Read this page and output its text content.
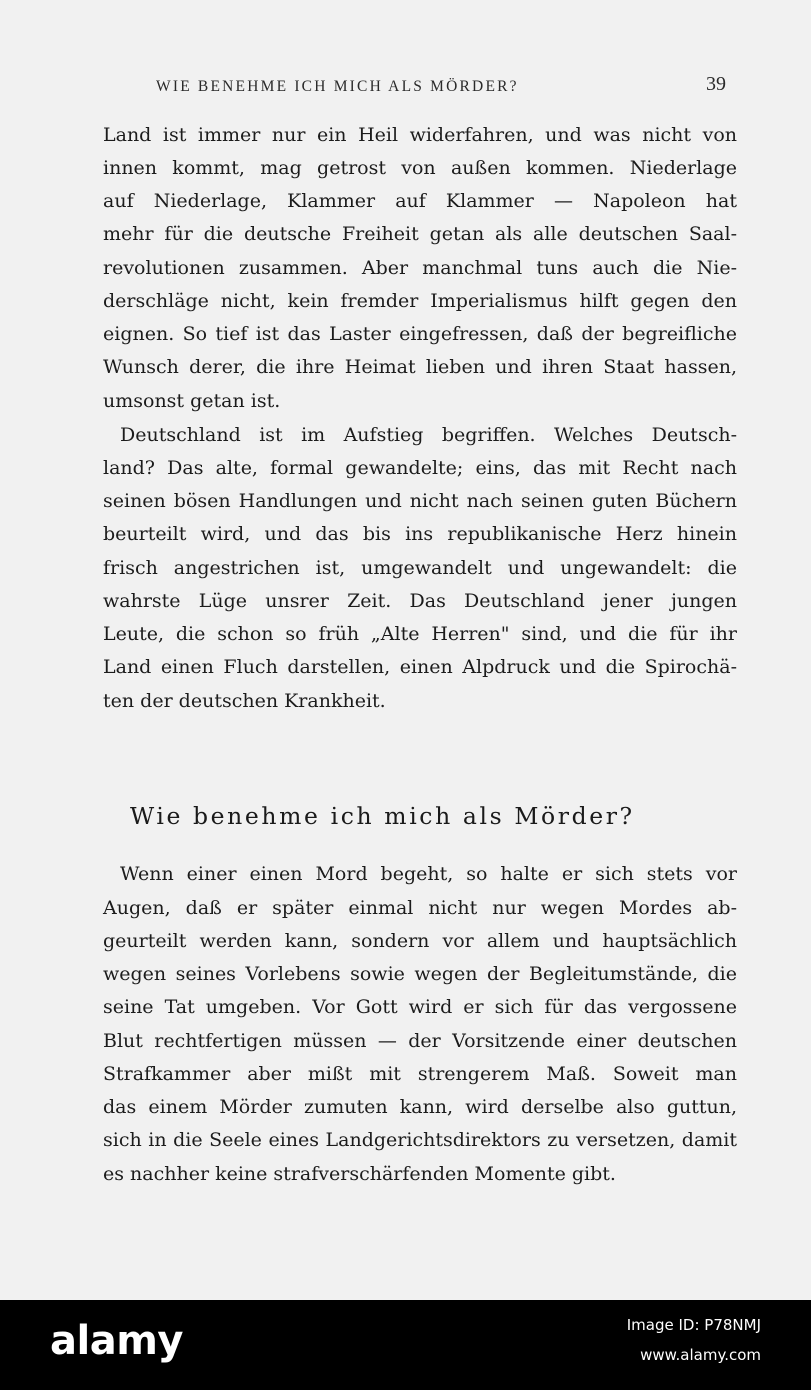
WIE BENEHME ICH MICH ALS MÖRDER?	39
Land ist immer nur ein Heil widerfahren, und was nicht von
innen kommt, mag getrost von außen kommen. Niederlage
auf Niederlage, Klammer auf Klammer — Napoleon hat
mehr für die deutsche Freiheit getan als alle deutschen Saal-
revolutionen zusammen. Aber manchmal tuns auch die Nie-
derschläge nicht, kein fremder Imperialismus hilft gegen den
eignen. So tief ist das Laster eingefressen, daß der begreifliche
Wunsch derer, die ihre Heimat lieben und ihren Staat hassen,
umsonst getan ist.
Deutschland ist im Aufstieg begriffen. Welches Deutsch-
land? Das alte, formal gewandelte; eins, das mit Recht nach
seinen bösen Handlungen und nicht nach seinen guten Büchern
beurteilt wird, und das bis ins republikanische Herz hinein
frisch angestrichen ist, umgewandelt und ungewandelt: die
wahrste Lüge unsrer Zeit. Das Deutschland jener jungen
Leute, die schon so früh „Alte Herren" sind, und die für ihr
Land einen Fluch darstellen, einen Alpdruck und die Spirochä-
ten der deutschen Krankheit.
Wie benehme ich mich als Mörder?
Wenn einer einen Mord begeht, so halte er sich stets vor
Augen, daß er später einmal nicht nur wegen Mordes ab-
geurteilt werden kann, sondern vor allem und hauptsächlich
wegen seines Vorlebens sowie wegen der Begleitumstände, die
seine Tat umgeben. Vor Gott wird er sich für das vergossene
Blut rechtfertigen müssen — der Vorsitzende einer deutschen
Strafkammer aber mißt mit strengerem Maß. Soweit man
das einem Mörder zumuten kann, wird derselbe also guttun,
sich in die Seele eines Landgerichtsdirektors zu versetzen, damit
es nachher keine strafverschärfenden Momente gibt.
alamy	Image ID: P78NMJ
www.alamy.com
